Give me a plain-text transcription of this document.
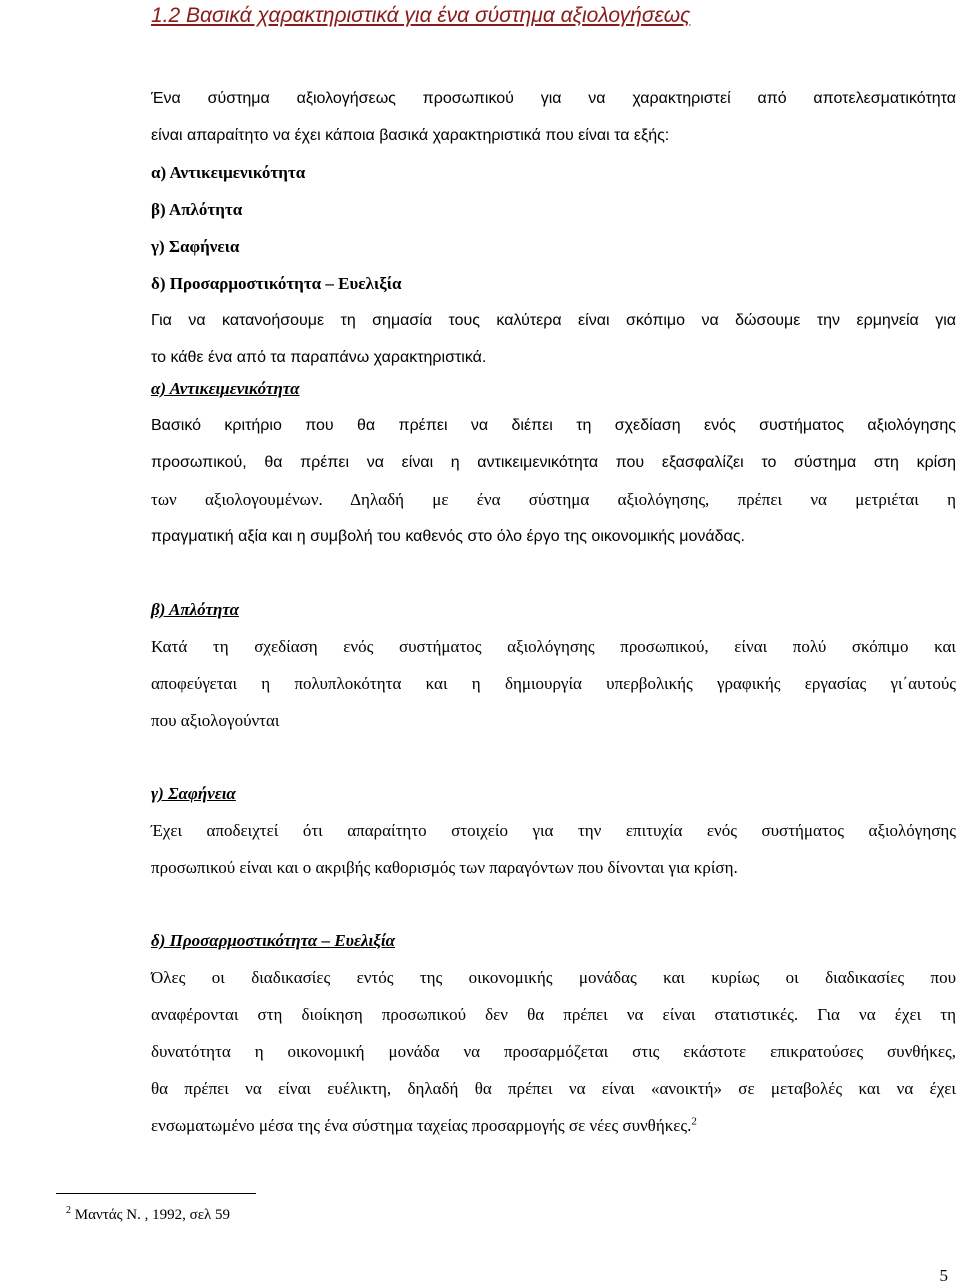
1.2 Βασικά χαρακτηριστικά για ένα σύστημα αξιολογήσεως

Ένα σύστημα αξιολογήσεως προσωπικού για να χαρακτηριστεί από αποτελεσματικότητα

είναι απαραίτητο να έχει κάποια βασικά χαρακτηριστικά που είναι τα εξής:

α) Αντικειμενικότητα

β) Απλότητα

γ) Σαφήνεια

δ) Προσαρμοστικότητα – Ευελιξία

Για να κατανοήσουμε τη σημασία τους καλύτερα είναι σκόπιμο να δώσουμε την ερμηνεία για

το κάθε ένα από τα παραπάνω χαρακτηριστικά.

α) Αντικειμενικότητα

Βασικό κριτήριο που θα πρέπει να διέπει τη σχεδίαση ενός συστήματος αξιολόγησης
προσωπικού, θα πρέπει να είναι η αντικειμενικότητα που εξασφαλίζει το σύστημα στη κρίση
των αξιολογουμένων. Δηλαδή με ένα σύστημα αξιολόγησης, πρέπει να μετριέται η
πραγματική αξία και η συμβολή του καθενός στο όλο έργο της οικονομικής μονάδας.

β) Απλότητα

Κατά τη σχεδίαση ενός συστήματος αξιολόγησης προσωπικού, είναι πολύ σκόπιμο και
αποφεύγεται η πολυπλοκότητα και η δημιουργία υπερβολικής γραφικής εργασίας γι΄αυτούς
που αξιολογούνται

γ) Σαφήνεια

Έχει αποδειχτεί ότι απαραίτητο στοιχείο για την επιτυχία ενός συστήματος αξιολόγησης
προσωπικού είναι και ο ακριβής καθορισμός των παραγόντων που δίνονται για κρίση.

δ) Προσαρμοστικότητα – Ευελιξία

Όλες οι διαδικασίες εντός της οικονομικής μονάδας και κυρίως οι διαδικασίες που
αναφέρονται στη διοίκηση προσωπικού δεν θα πρέπει να είναι στατιστικές. Για να έχει τη
δυνατότητα η οικονομική μονάδα να προσαρμόζεται στις εκάστοτε επικρατούσες συνθήκες,
θα πρέπει να είναι ευέλικτη, δηλαδή θα πρέπει να είναι «ανοικτή» σε μεταβολές και να έχει
ενσωματωμένο μέσα της ένα σύστημα ταχείας προσαρμογής σε νέες συνθήκες.$^2$
$^2$ Μαντάς Ν. , 1992, σελ 59
5
